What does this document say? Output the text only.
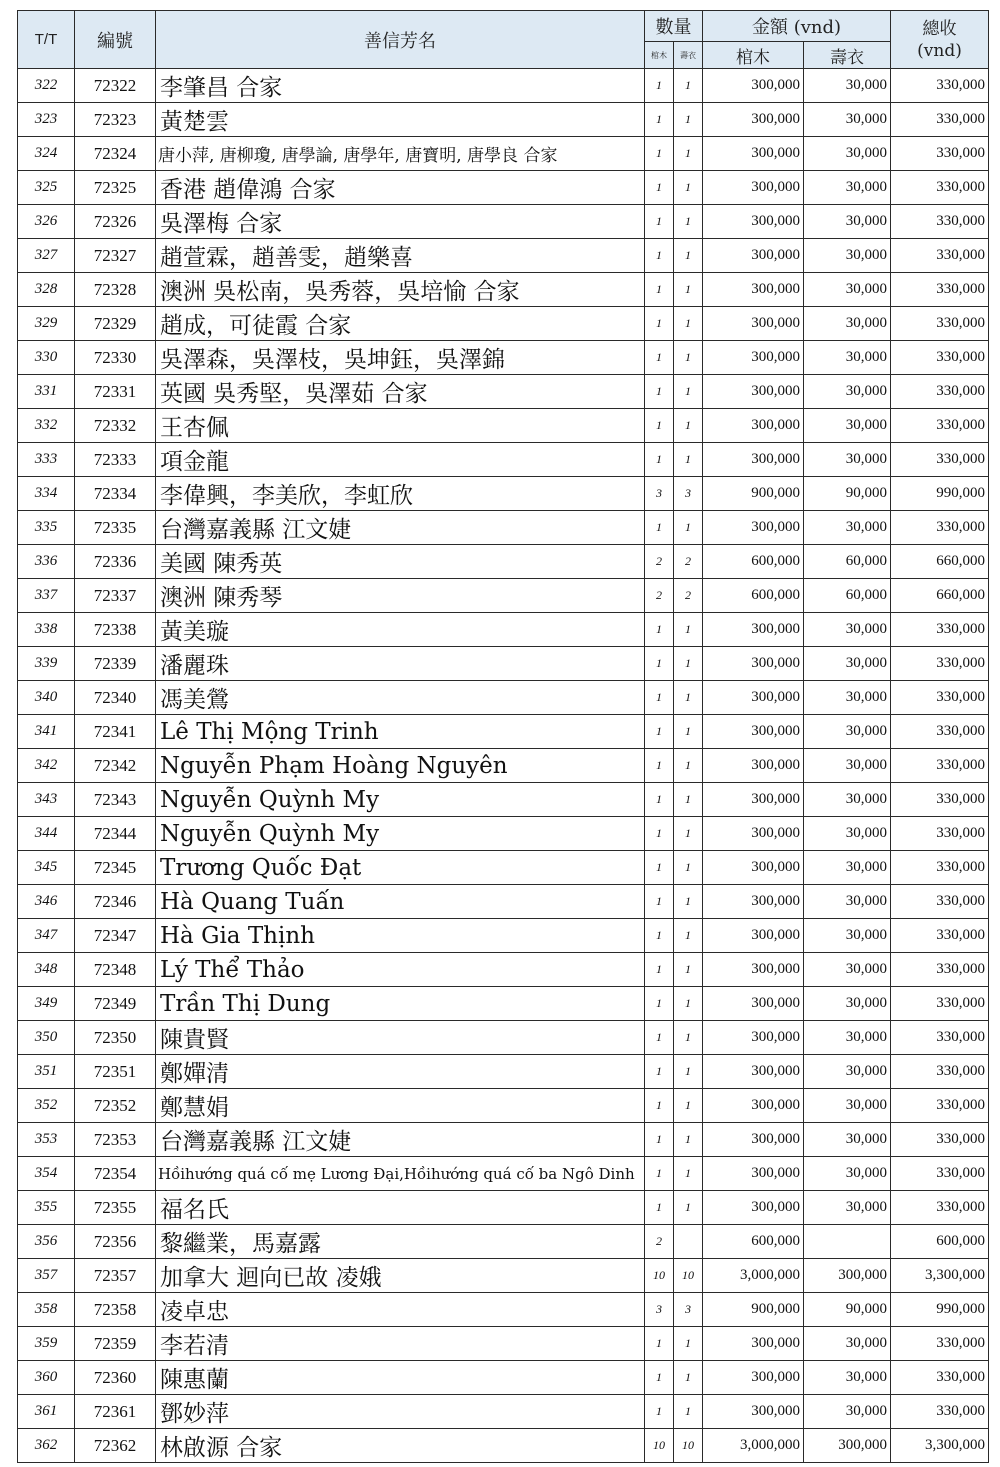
T/T	編號	善信芳名	數量		金額 (vnd)		總收
(vnd)

			棺木	壽衣	棺木	壽衣	
322	72322	李肇昌 合家	1	1	300,000	30,000	330,000
323	72323	黃楚雲	1	1	300,000	30,000	330,000
324	72324	唐小萍, 唐柳瓊, 唐學論, 唐學年, 唐寶明, 唐學良 合家	1	1	300,000	30,000	330,000
325	72325	香港 趙偉鴻 合家	1	1	300,000	30,000	330,000
326	72326	吳澤梅 合家	1	1	300,000	30,000	330,000
327	72327	趙萱霖，趙善雯，趙樂喜	1	1	300,000	30,000	330,000
328	72328	澳洲 吳松南，吳秀蓉，吳培愉 合家	1	1	300,000	30,000	330,000
329	72329	趙成，可徒霞 合家	1	1	300,000	30,000	330,000
330	72330	吳澤森，吳澤枝，吳坤鈺，吳澤錦	1	1	300,000	30,000	330,000
331	72331	英國 吳秀堅，吳澤茹 合家	1	1	300,000	30,000	330,000
332	72332	王杏佩	1	1	300,000	30,000	330,000
333	72333	項金龍	1	1	300,000	30,000	330,000
334	72334	李偉興，李美欣，李虹欣	3	3	900,000	90,000	990,000
335	72335	台灣嘉義縣 江文婕	1	1	300,000	30,000	330,000
336	72336	美國 陳秀英	2	2	600,000	60,000	660,000
337	72337	澳洲 陳秀琴	2	2	600,000	60,000	660,000
338	72338	黃美璇	1	1	300,000	30,000	330,000
339	72339	潘麗珠	1	1	300,000	30,000	330,000
340	72340	馮美鶯	1	1	300,000	30,000	330,000
341	72341	Lê Thị Mộng Trinh	1	1	300,000	30,000	330,000
342	72342	Nguyễn Phạm Hoàng Nguyên	1	1	300,000	30,000	330,000
343	72343	Nguyễn Quỳnh My	1	1	300,000	30,000	330,000
344	72344	Nguyễn Quỳnh My	1	1	300,000	30,000	330,000
345	72345	Trương Quốc Đạt	1	1	300,000	30,000	330,000
346	72346	Hà Quang Tuấn	1	1	300,000	30,000	330,000
347	72347	Hà Gia Thịnh	1	1	300,000	30,000	330,000
348	72348	Lý Thể Thảo	1	1	300,000	30,000	330,000
349	72349	Trần Thị Dung	1	1	300,000	30,000	330,000
350	72350	陳貴賢	1	1	300,000	30,000	330,000
351	72351	鄭嬋清	1	1	300,000	30,000	330,000
352	72352	鄭慧娟	1	1	300,000	30,000	330,000
353	72353	台灣嘉義縣 江文婕	1	1	300,000	30,000	330,000
354	72354	Hồihướng quá cố mẹ Lương Đại,Hồihướng quá cố ba Ngô Dinh	1	1	300,000	30,000	330,000
355	72355	福名氏	1	1	300,000	30,000	330,000
356	72356	黎繼業，馬嘉露	2		600,000		600,000
357	72357	加拿大 迴向已故 凌娥	10	10	3,000,000	300,000	3,300,000
358	72358	凌卓忠	3	3	900,000	90,000	990,000
359	72359	李若清	1	1	300,000	30,000	330,000
360	72360	陳惠蘭	1	1	300,000	30,000	330,000
361	72361	鄧妙萍	1	1	300,000	30,000	330,000
362	72362	林啟源 合家	10	10	3,000,000	300,000	3,300,000
